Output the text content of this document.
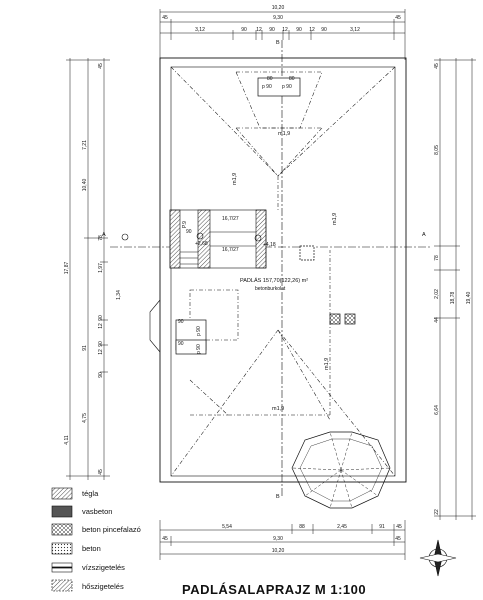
10,20
45	9,30	45
3,12	90 12 90 12 90 12 90	3,12
7,21
10,40
17,87
45
78
1,97
1,34
90
12
90
12
90
91
4,75
4,11
45
45
8,05
78
2,02
44
6,64
22
18,78 19,40
A	A
B
B
16,7/27
16,7/27
P.9
90
+2,68	+4,18
p 90 p 90
p 90
p 90
90
90
80	80
m1,9
m1,9
m1,9
m1,9
m1,9
PADLÁS 157,70(122,26) m²
betonburkolat
5,54	88	2,45	91 45
45	9,30	45
10,20
tégla
vasbeton
beton pincefalazó
beton
vízszigetelés
hőszigetelés	PADLÁSALAPRAJZ M 1:100
